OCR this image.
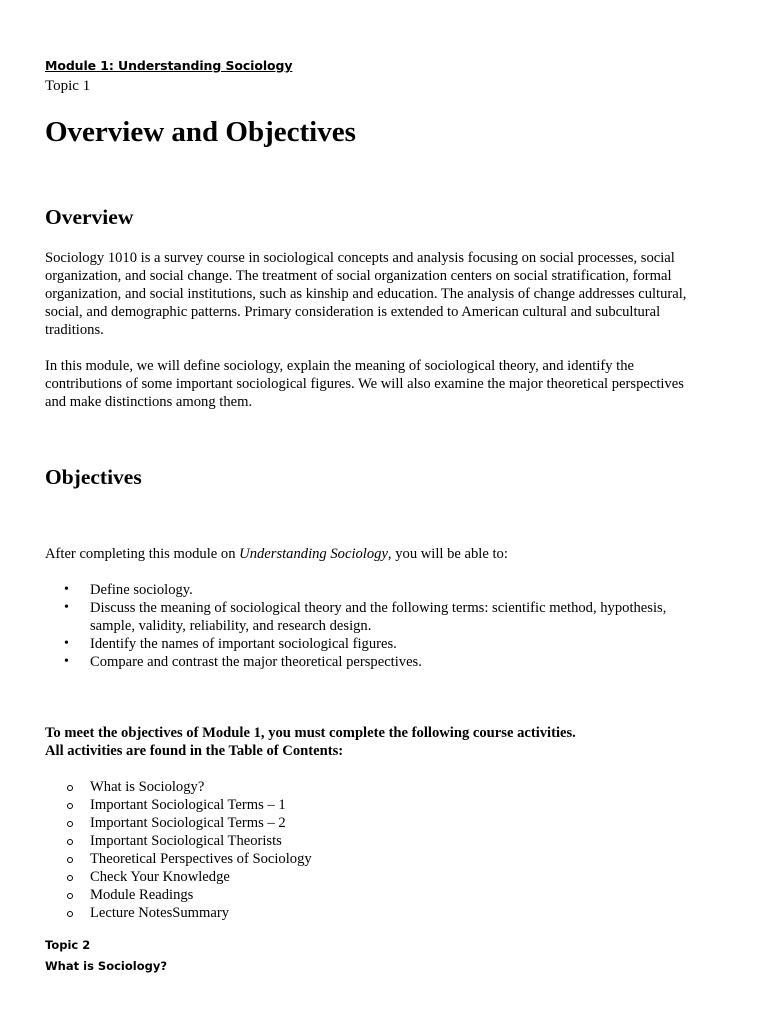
Module 1: Understanding Sociology
Topic 1
Overview and Objectives
Overview
Sociology 1010 is a survey course in sociological concepts and analysis focusing on social processes, social
organization, and social change. The treatment of social organization centers on social stratification, formal
organization, and social institutions, such as kinship and education. The analysis of change addresses cultural,
social, and demographic patterns. Primary consideration is extended to American cultural and subcultural
traditions.
In this module, we will define sociology, explain the meaning of sociological theory, and identify the
contributions of some important sociological figures. We will also examine the major theoretical perspectives
and make distinctions among them.
Objectives
After completing this module on Understanding Sociology, you will be able to:
• Define sociology.
• Discuss the meaning of sociological theory and the following terms: scientific method, hypothesis,
sample, validity, reliability, and research design.
• Identify the names of important sociological figures.
• Compare and contrast the major theoretical perspectives.
To meet the objectives of Module 1, you must complete the following course activities.
All activities are found in the Table of Contents:
What is Sociology?
Important Sociological Terms – 1
Important Sociological Terms – 2
Important Sociological Theorists
Theoretical Perspectives of Sociology
Check Your Knowledge
Module Readings
Lecture NotesSummary
Topic 2
What is Sociology?
